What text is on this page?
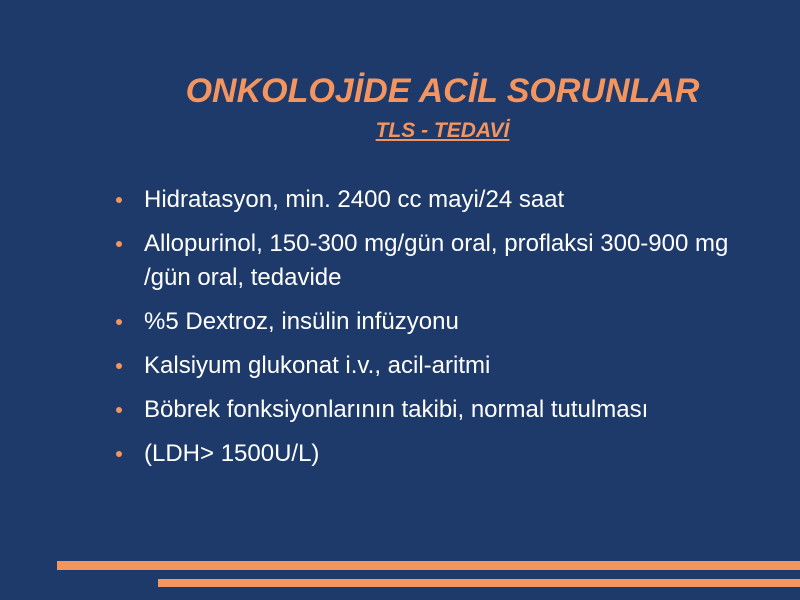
ONKOLOJİDE ACİL SORUNLAR
TLS - TEDAVİ
Hidratasyon, min. 2400 cc mayi/24 saat
Allopurinol, 150-300 mg/gün oral, proflaksi 300-900 mg /gün oral, tedavide
%5 Dextroz, insülin infüzyonu
Kalsiyum glukonat i.v., acil-aritmi
Böbrek fonksiyonlarının takibi, normal tutulması
(LDH> 1500U/L)
